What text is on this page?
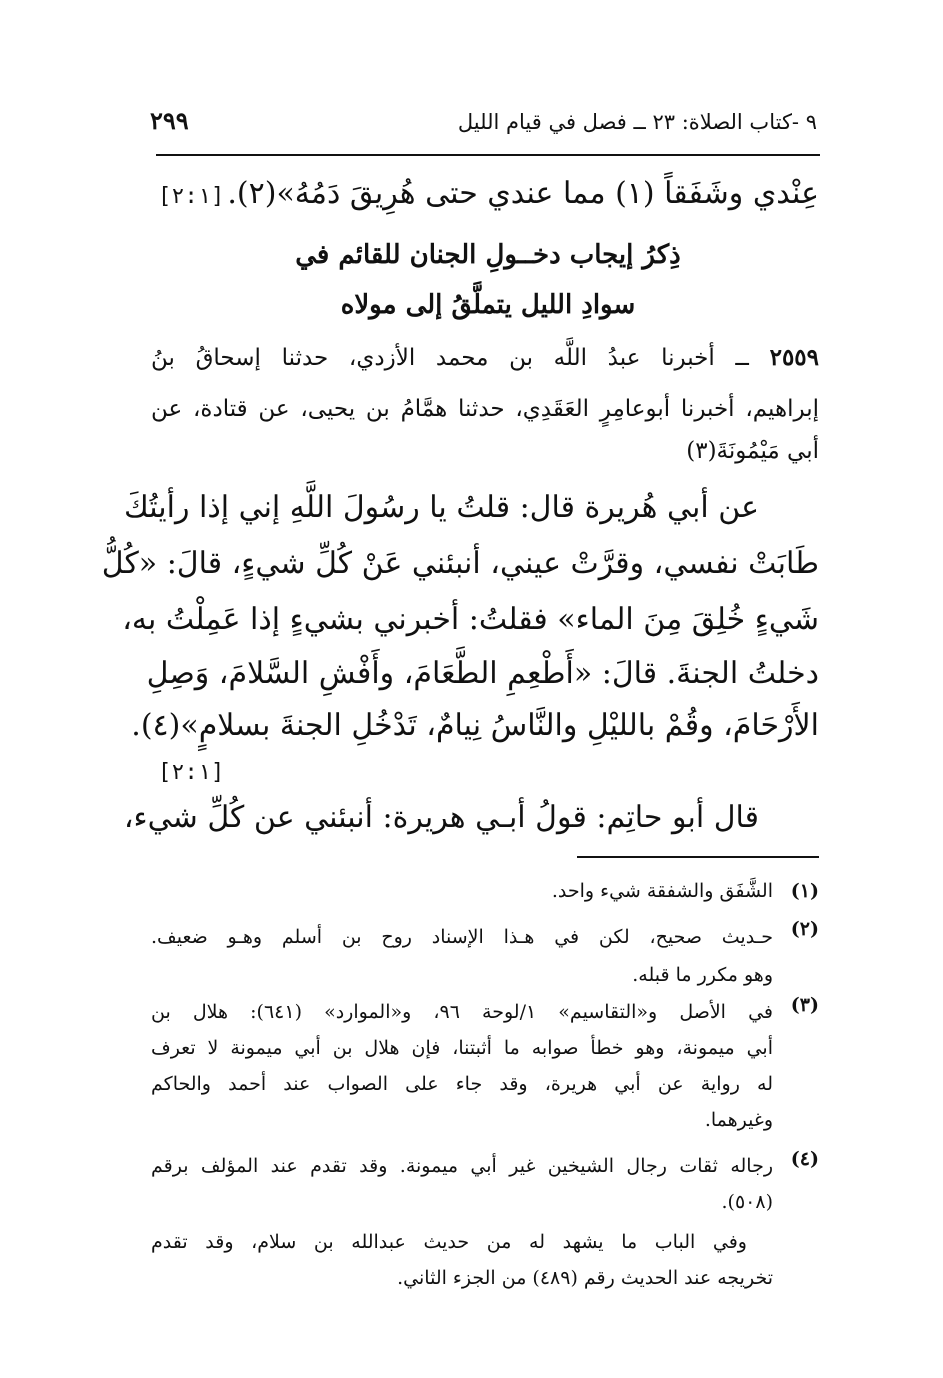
٩ -كتاب الصلاة: ٢٣ ــ فصل في قيام الليل
٢٩٩
عِنْدي وشَفَقاً (١) مما عندي حتى هُرِيقَ دَمُهُ»(٢).
[٢:١]
ذِكرُ إيجاب دخــولِ الجنان للقائم في
سوادِ الليل يتملَّقُ إلى مولاه
٢٥٥٩ ــ أخبرنا عبدُ اللَّه بن محمد الأزدي، حدثنا إسحاقُ بنُ
إبراهيم، أخبرنا أبوعامِرٍ العَقَدِي، حدثنا همَّامُ بن يحيى، عن قتادة، عن
أبي مَيْمُونَةَ(٣)
عن أبي هُريرة قال: قلتُ يا رسُولَ اللَّهِ إني إذا رأيتُكَ
طَابَتْ نفسي، وقرَّتْ عيني، أنبئني عَنْ كُلِّ شيءٍ، قالَ: «كُلُّ
شَيءٍ خُلِقَ مِنَ الماء» فقلتُ: أخبرني بشيءٍ إذا عَمِلْتُ به،
دخلتُ الجنةَ. قالَ: «أَطْعِمِ الطَّعَامَ، وأَفْشِ السَّلامَ، وَصِلِ
الأَرْحَامَ، وقُمْ بالليْلِ والنَّاسُ نِيامٌ، تَدْخُلِ الجنةَ بسلامٍ»(٤).
[٢:١]
قال أبو حاتِم: قولُ أبـي هريرة: أنبئني عن كُلِّ شيء،
(١)
الشَّفَق والشفقة شيء واحد.
(٢)
حـديث صحيح، لكن في هـذا الإسناد روح بن أسلم وهـو ضعيف.
وهو مكرر ما قبله.
(٣)
في الأصل و«التقاسيم» ١/لوحة ٩٦، و«الموارد» (٦٤١): هلال بن
أبي ميمونة، وهو خطأ صوابه ما أثبتنا، فإن هلال بن أبي ميمونة لا تعرف
له رواية عن أبي هريرة، وقد جاء على الصواب عند أحمد والحاكم
وغيرهما.
(٤)
رجاله ثقات رجال الشيخين غير أبي ميمونة. وقد تقدم عند المؤلف برقم
(٥٠٨).
وفي الباب ما يشهد له من حديث عبدالله بن سلام، وقد تقدم
تخريجه عند الحديث رقم (٤٨٩) من الجزء الثاني.
